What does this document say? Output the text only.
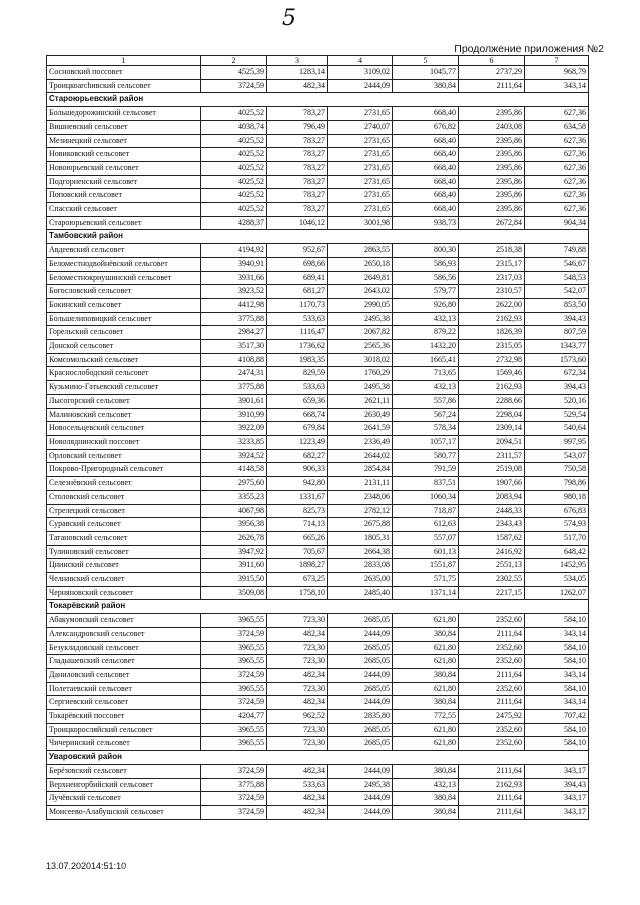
5
Продолжение приложения №2
1	2	3	4	5	6	7
Сосновский поссовет	4525,39	1283,14	3109,02	1045,77	2737,29	968,79
Троицкоarchивский сельсовет	3724,59	482,34	2444,09	380,84	2111,64	343,14
Староюрьевский район						
Большедорожинский сельсовет	4025,52	783,27	2731,65	668,40	2395,86	627,36
Вишневский сельсовет	4038,74	796,49	2740,07	676,82	2403,08	634,58
Мезинецкий сельсовет	4025,52	783,27	2731,65	668,40	2395,86	627,36
Новиковский сельсовет	4025,52	783,27	2731,65	668,40	2395,86	627,36
Новоюрьевский сельсовет	4025,52	783,27	2731,65	668,40	2395,86	627,36
Подгорненский сельсовет	4025,52	783,27	2731,65	668,40	2395,86	627,36
Поповский сельсовет	4025,52	783,27	2731,65	668,40	2395,86	627,36
Спасский сельсовет	4025,52	783,27	2731,65	668,40	2395,86	627,36
Староюрьевский сельсовет	4288,37	1046,12	3001,98	938,73	2672,84	904,34
Тамбовский район						
Авдеевский сельсовет	4194,92	952,67	2863,55	800,30	2518,38	749,88
Беломестнодвойнёвский сельсовет	3940,91	698,66	2650,18	586,93	2315,17	546,67
Беломестнокриушинский сельсовет	3931,66	689,41	2649,81	586,56	2317,03	548,53
Богословский сельсовет	3923,52	681,27	2643,02	579,77	2310,57	542,07
Бокинский сельсовет	4412,98	1170,73	2990,05	926,80	2622,00	853,50
Большелиповицкий сельсовет	3775,88	533,63	2495,38	432,13	2162,93	394,43
Горельский сельсовет	2984,27	1116,47	2067,82	879,22	1826,39	807,59
Донской сельсовет	3517,30	1736,62	2565,36	1432,20	2315,05	1343,77
Комсомольский сельсовет	4108,88	1983,35	3018,02	1665,41	2732,98	1573,60
Краснослободский сельсовет	2474,31	829,59	1760,29	713,65	1569,46	672,34
Кузьмино-Гатьевский сельсовет	3775,88	533,63	2495,38	432,13	2162,93	394,43
Лысогорский сельсовет	3901,61	659,36	2621,11	557,86	2288,66	520,16
Малиновский сельсовет	3910,99	668,74	2630,49	567,24	2298,04	529,54
Новосельцевский сельсовет	3922,09	679,84	2641,59	578,34	2309,14	540,64
Новоляднинский поссовет	3233,85	1223,49	2336,49	1057,17	2094,51	997,95
Орловский сельсовет	3924,52	682,27	2644,02	580,77	2311,57	543,07
Покрово-Пригородный сельсовет	4148,58	906,33	2854,84	791,59	2519,08	750,58
Селезнёвский сельсовет	2975,60	942,80	2131,11	837,51	1907,66	798,86
Столовский сельсовет	3355,23	1331,67	2348,06	1060,34	2083,94	980,18
Стрелецкий сельсовет	4067,98	825,73	2782,12	718,87	2448,33	676,83
Суравский сельсовет	3956,38	714,13	2675,88	612,63	2343,43	574,93
Татановский сельсовет	2626,78	665,26	1805,31	557,07	1587,62	517,70
Тулиновский сельсовет	3947,92	705,67	2664,38	601,13	2416,92	648,42
Цнинский сельсовет	3911,60	1898,27	2833,08	1551,87	2551,13	1452,95
Челнавский сельсовет	3915,50	673,25	2635,00	571,75	2302,55	534,05
Черняновский сельсовет	3509,08	1758,10	2485,40	1371,14	2217,15	1262,07
Токарёвский район						
Абакумовский сельсовет	3965,55	723,30	2685,05	621,80	2352,60	584,10
Александровский сельсовет	3724,59	482,34	2444,09	380,84	2111,64	343,14
Безукладовский сельсовет	3965,55	723,30	2685,05	621,80	2352,60	584,10
Гладышевский сельсовет	3965,55	723,30	2685,05	621,80	2352,60	584,10
Даниловский сельсовет	3724,59	482,34	2444,09	380,84	2111,64	343,14
Полетаевский сельсовет	3965,55	723,30	2685,05	621,80	2352,60	584,10
Сергиевский сельсовет	3724,59	482,34	2444,09	380,84	2111,64	343,14
Токарёвский поссовет	4204,77	962,52	2835,80	772,55	2475,92	707,42
Троицкоросляйский сельсовет	3965,55	723,30	2685,05	621,80	2352,60	584,10
Чичеринский сельсовет	3965,55	723,30	2685,05	621,80	2352,60	584,10
Уваровский район						
Берёзовский сельсовет	3724,59	482,34	2444,09	380,84	2111,64	343,17
Верхнеигорбийский сельсовет	3775,88	533,63	2495,38	432,13	2162,93	394,43
Лучёвский сельсовет	3724,59	482,34	2444,09	380,84	2111,64	343,17
Моисеево-Алабушский сельсовет	3724,59	482,34	2444,09	380,84	2111,64	343,17
13.07.202014:51:10
